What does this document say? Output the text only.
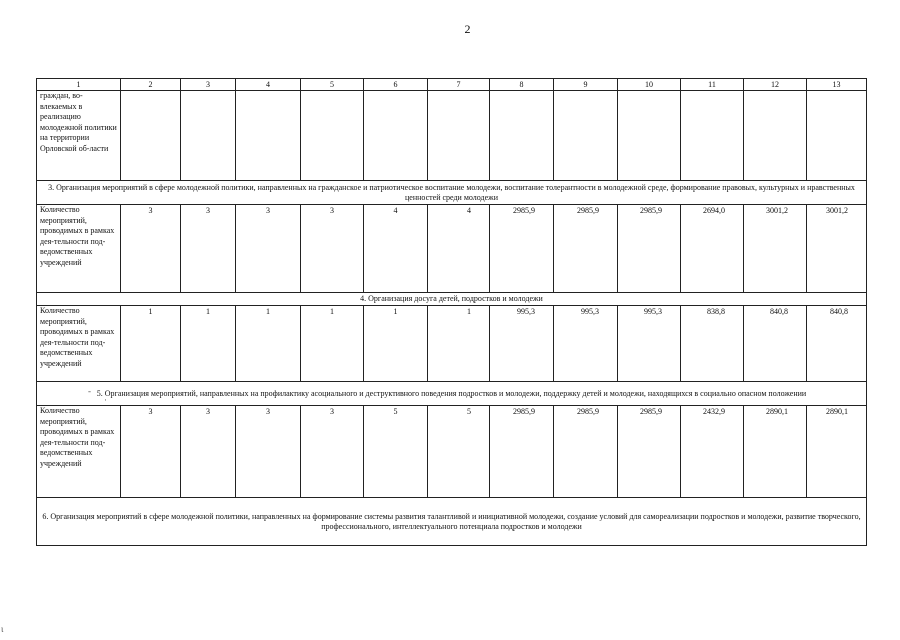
2
1	2	3	4	5	6	7	8	9	10	11	12	13
граждан, во-влекаемых в реализацию молодежной политики на территории Орловской об-ласти												
3. Организация мероприятий в сфере молодежной политики, направленных на гражданское и патриотическое воспитание молодежи, воспитание толерантности в молодежной среде, формирование правовых, культурных и нравственных ценностей среди молодежи												
Количество мероприятий, проводимых в рамках дея-тельности под-ведомственных учреждений	3	3	3	3	4	4	2985,9	2985,9	2985,9	2694,0	3001,2	3001,2
4. Организация досуга детей, подростков и молодежи												
Количество мероприятий, проводимых в рамках дея-тельности под-ведомственных учреждений	1	1	1	1	1	1	995,3	995,3	995,3	838,8	840,8	840,8
5. Организация мероприятий, направленных на профилактику асоциального и деструктивного поведения подростков и молодежи, поддержку детей и молодежи, находящихся в социально опасном положении												
Количество мероприятий, проводимых в рамках дея-тельности под-ведомственных учреждений	3	3	3	3	5	5	2985,9	2985,9	2985,9	2432,9	2890,1	2890,1
6. Организация мероприятий в сфере молодежной политики, направленных на формирование системы развития талантливой и инициативной молодежи, создание условий для самореализации подростков и молодежи, развитие творческого, профессионального, интеллектуального потенциала подростков и молодежи												
-
·
ι
